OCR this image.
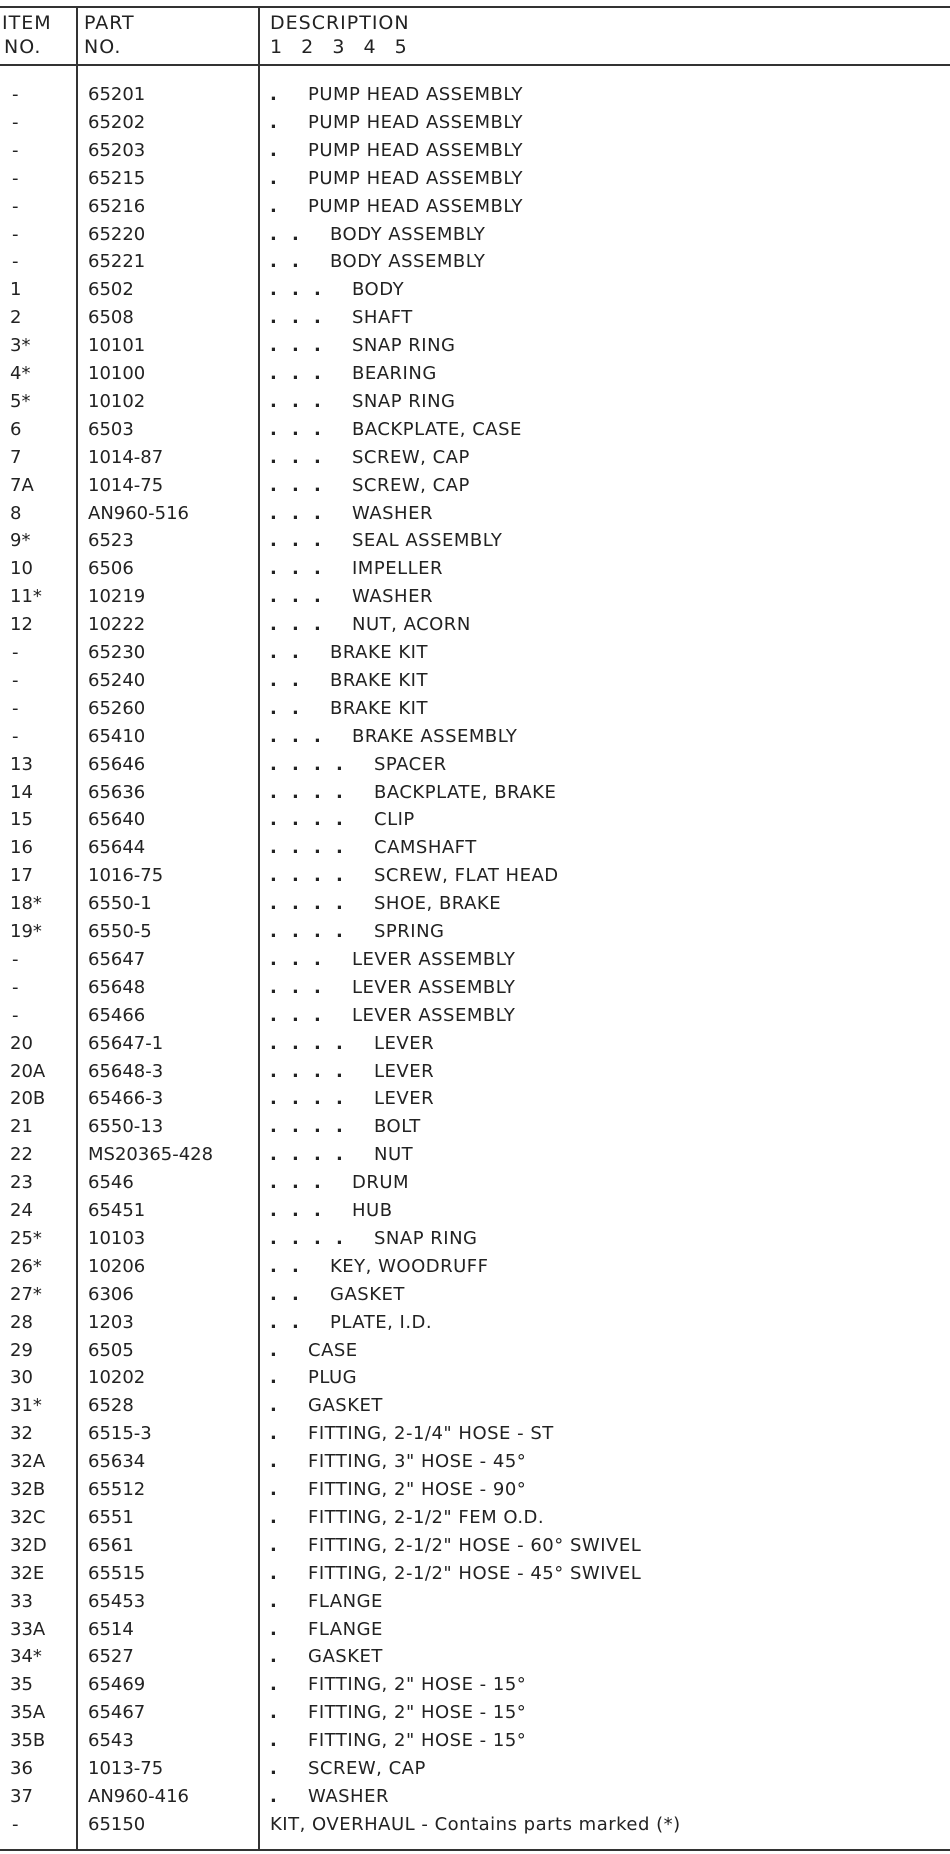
ITEM
NO.
PART
NO.
DESCRIPTION
1  2  3  4  5
-	65201	.	PUMP HEAD ASSEMBLY
-	65202	.	PUMP HEAD ASSEMBLY
-	65203	.	PUMP HEAD ASSEMBLY
-	65215	.	PUMP HEAD ASSEMBLY
-	65216	.	PUMP HEAD ASSEMBLY
-	65220	. .	BODY ASSEMBLY
-	65221	. .	BODY ASSEMBLY
1	6502	. . .	BODY
2	6508	. . .	SHAFT
3*	10101	. . .	SNAP RING
4*	10100	. . .	BEARING
5*	10102	. . .	SNAP RING
6	6503	. . .	BACKPLATE, CASE
7	1014-87	. . .	SCREW, CAP
7A	1014-75	. . .	SCREW, CAP
8	AN960-516	. . .	WASHER
9*	6523	. . .	SEAL ASSEMBLY
10	6506	. . .	IMPELLER
11*	10219	. . .	WASHER
12	10222	. . .	NUT, ACORN
-	65230	. .	BRAKE KIT
-	65240	. .	BRAKE KIT
-	65260	. .	BRAKE KIT
-	65410	. . .	BRAKE ASSEMBLY
13	65646	. . . .	SPACER
14	65636	. . . .	BACKPLATE, BRAKE
15	65640	. . . .	CLIP
16	65644	. . . .	CAMSHAFT
17	1016-75	. . . .	SCREW, FLAT HEAD
18*	6550-1	. . . .	SHOE, BRAKE
19*	6550-5	. . . .	SPRING
-	65647	. . .	LEVER ASSEMBLY
-	65648	. . .	LEVER ASSEMBLY
-	65466	. . .	LEVER ASSEMBLY
20	65647-1	. . . .	LEVER
20A 65648-3	. . . .	LEVER
20B 65466-3	. . . .	LEVER
21	6550-13	. . . .	BOLT
22	MS20365-428	. . . .	NUT
23	6546	. . .	DRUM
24	65451	. . .	HUB
25*	10103	. . . .	SNAP RING
26*	10206	. .	KEY, WOODRUFF
27*	6306	. .	GASKET
28	1203	. .	PLATE, I.D.
29	6505	.	CASE
30	10202	.	PLUG
31*	6528	.	GASKET
32	6515-3	.	FITTING, 2-1/4" HOSE - ST
32A 65634	.	FITTING, 3" HOSE - 45°
32B 65512	.	FITTING, 2" HOSE - 90°
32C 6551	.	FITTING, 2-1/2" FEM O.D.
32D 6561	.	FITTING, 2-1/2" HOSE - 60° SWIVEL
32E 65515	.	FITTING, 2-1/2" HOSE - 45° SWIVEL
33	65453	.	FLANGE
33A 6514	.	FLANGE
34*	6527	.	GASKET
35	65469	.	FITTING, 2" HOSE - 15°
35A 65467	.	FITTING, 2" HOSE - 15°
35B 6543	.	FITTING, 2" HOSE - 15°
36	1013-75	.	SCREW, CAP
37	AN960-416	.	WASHER
-	65150	KIT, OVERHAUL - Contains parts marked (*)
